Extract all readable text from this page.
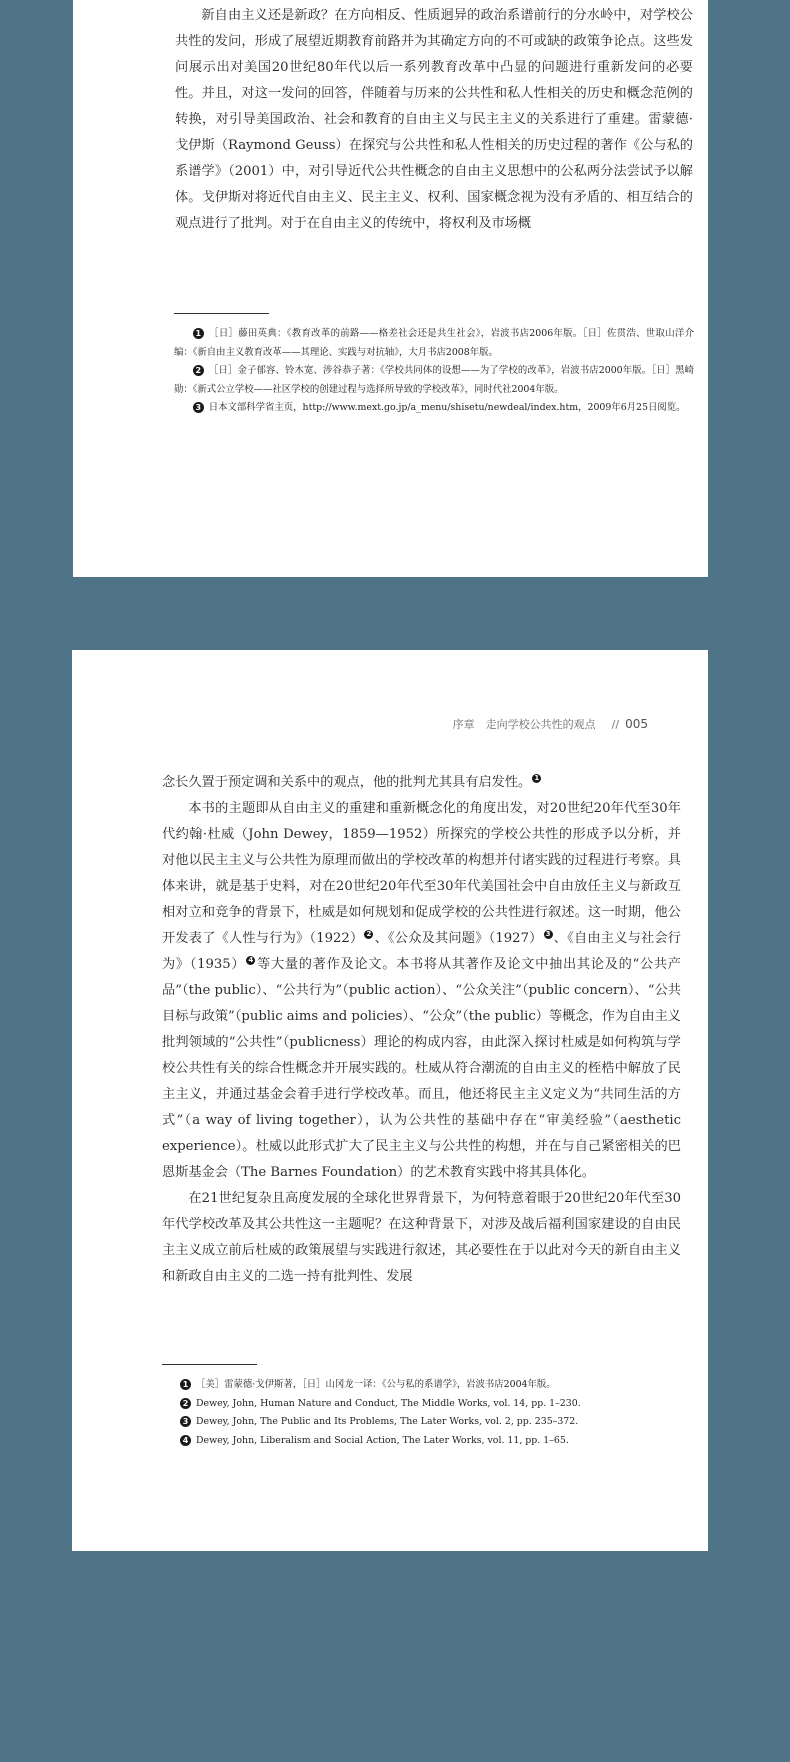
新自由主义还是新政？在方向相反、性质迥异的政治系谱前行的分水岭中，对学校公共性的发问，形成了展望近期教育前路并为其确定方向的不可或缺的政策争论点。这些发问展示出对美国20世纪80年代以后一系列教育改革中凸显的问题进行重新发问的必要性。并且，对这一发问的回答，伴随着与历来的公共性和私人性相关的历史和概念范例的转换，对引导美国政治、社会和教育的自由主义与民主主义的关系进行了重建。雷蒙德·戈伊斯（Raymond Geuss）在探究与公共性和私人性相关的历史过程的著作《公与私的系谱学》（2001）中，对引导近代公共性概念的自由主义思想中的公私两分法尝试予以解体。戈伊斯对将近代自由主义、民主主义、权利、国家概念视为没有矛盾的、相互结合的观点进行了批判。对于在自由主义的传统中，将权利及市场概

1 ［日］藤田英典：《教育改革的前路——格差社会还是共生社会》，岩波书店2006年版。［日］佐贯浩、世取山洋介编：《新自由主义教育改革——其理论、实践与对抗轴》，大月书店2008年版。

2 ［日］金子郁容、铃木宽、涉谷恭子著：《学校共同体的设想——为了学校的改革》，岩波书店2000年版。［日］黑崎勋：《新式公立学校——社区学校的创建过程与选择所导致的学校改革》，同时代社2004年版。

3 日本文部科学省主页，http://www.mext.go.jp/a_menu/shisetu/newdeal/index.htm，2009年6月25日阅览。

序章　走向学校公共性的观点 // 005

念长久置于预定调和关系中的观点，他的批判尤其具有启发性。 1

本书的主题即从自由主义的重建和重新概念化的角度出发，对20世纪20年代至30年代约翰·杜威（John Dewey，1859—1952）所探究的学校公共性的形成予以分析，并对他以民主主义与公共性为原理而做出的学校改革的构想并付诸实践的过程进行考察。具体来讲，就是基于史料，对在20世纪20年代至30年代美国社会中自由放任主义与新政互相对立和竞争的背景下，杜威是如何规划和促成学校的公共性进行叙述。这一时期，他公开发表了《人性与行为》（1922） 2 、《公众及其问题》（1927） 3 、《自由主义与社会行为》（1935） 4 等大量的著作及论文。本书将从其著作及论文中抽出其论及的“公共产品”（the public）、“公共行为”（public action）、“公众关注”（public concern）、“公共目标与政策”（public aims and policies）、“公众”（the public）等概念，作为自由主义批判领域的“公共性”（publicness）理论的构成内容，由此深入探讨杜威是如何构筑与学校公共性有关的综合性概念并开展实践的。杜威从符合潮流的自由主义的桎梏中解放了民主主义，并通过基金会着手进行学校改革。而且，他还将民主主义定义为“共同生活的方式”（a way of living together），认为公共性的基础中存在“审美经验”（aesthetic experience）。杜威以此形式扩大了民主主义与公共性的构想，并在与自己紧密相关的巴恩斯基金会（The Barnes Foundation）的艺术教育实践中将其具体化。

在21世纪复杂且高度发展的全球化世界背景下，为何特意着眼于20世纪20年代至30年代学校改革及其公共性这一主题呢？在这种背景下，对涉及战后福利国家建设的自由民主主义成立前后杜威的政策展望与实践进行叙述，其必要性在于以此对今天的新自由主义和新政自由主义的二选一持有批判性、发展

1 ［美］雷蒙德·戈伊斯著，［日］山冈龙一译：《公与私的系谱学》，岩波书店2004年版。

2 Dewey, John, Human Nature and Conduct, The Middle Works, vol. 14, pp. 1–230.

3 Dewey, John, The Public and Its Problems, The Later Works, vol. 2, pp. 235–372.

4 Dewey, John, Liberalism and Social Action, The Later Works, vol. 11, pp. 1–65.
